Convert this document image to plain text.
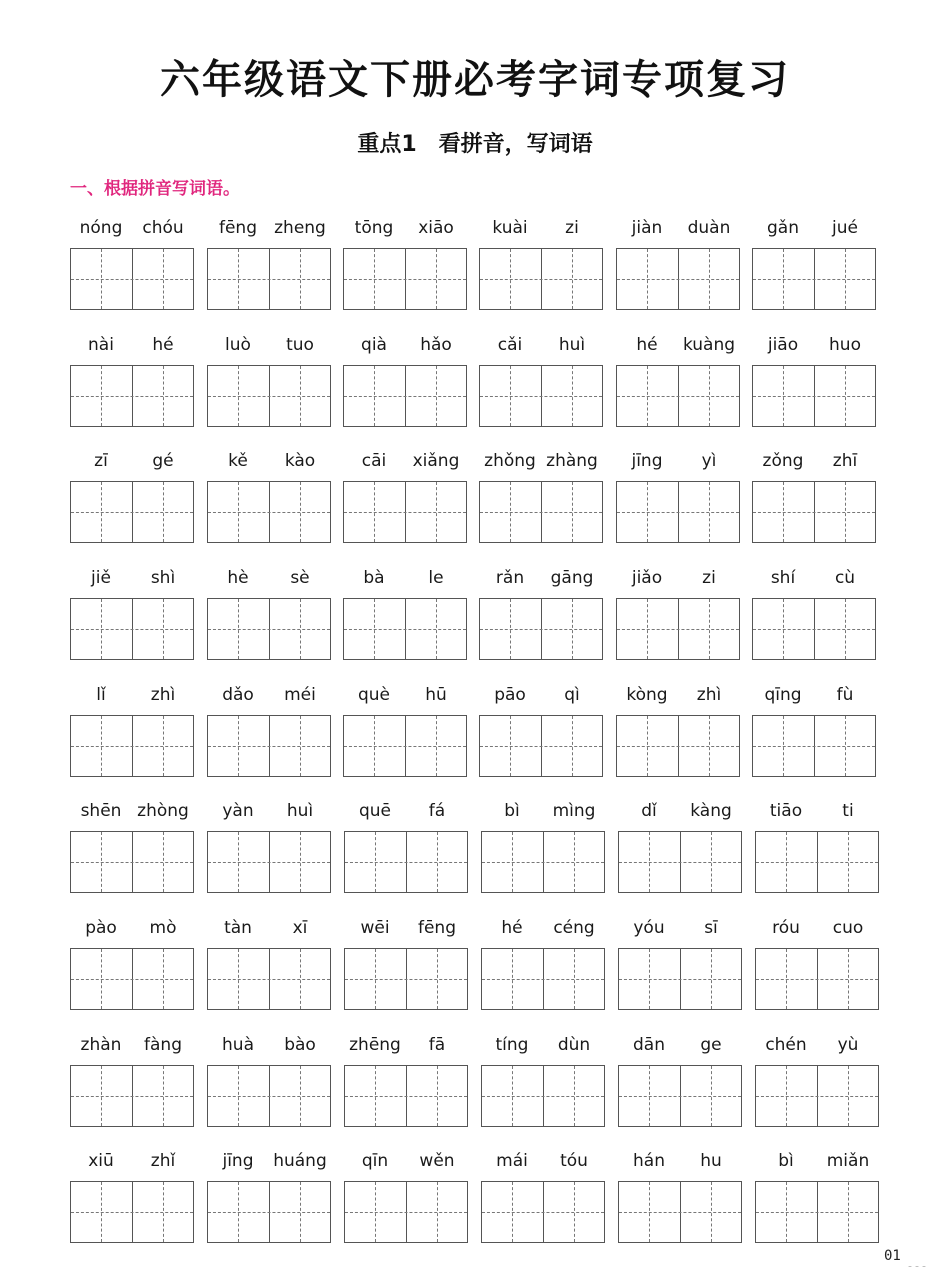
六年级语文下册必考字词专项复习
重点1　看拼音，写词语
一、根据拼音写词语。
nóng	chóu	fēng	zheng	tōng	xiāo	kuài	zi	jiàn	duàn	gǎn	jué
nài	hé	luò	tuo	qià	hǎo	cǎi	huì	hé	kuàng	jiāo	huo
zī	gé	kě	kào	cāi	xiǎng	zhǒng zhàng	jīng	yì	zǒng	zhī
jiě	shì	hè	sè	bà	le	rǎn	gāng	jiǎo	zi	shí	cù
lǐ	zhì	dǎo	méi	què	hū	pāo	qì	kòng	zhì	qīng	fù
shēn zhòng	yàn	huì	quē	fá	bì	mìng	dǐ	kàng	tiāo	ti
pào	mò	tàn	xī	wēi	fēng	hé	céng	yóu	sī	róu	cuo
zhàn	fàng	huà	bào	zhēng	fā	tíng	dùn	dān	ge	chén	yù
xiū	zhǐ	jīng	huáng	qīn	wěn	mái	tóu	hán	hu	bì	miǎn
01
